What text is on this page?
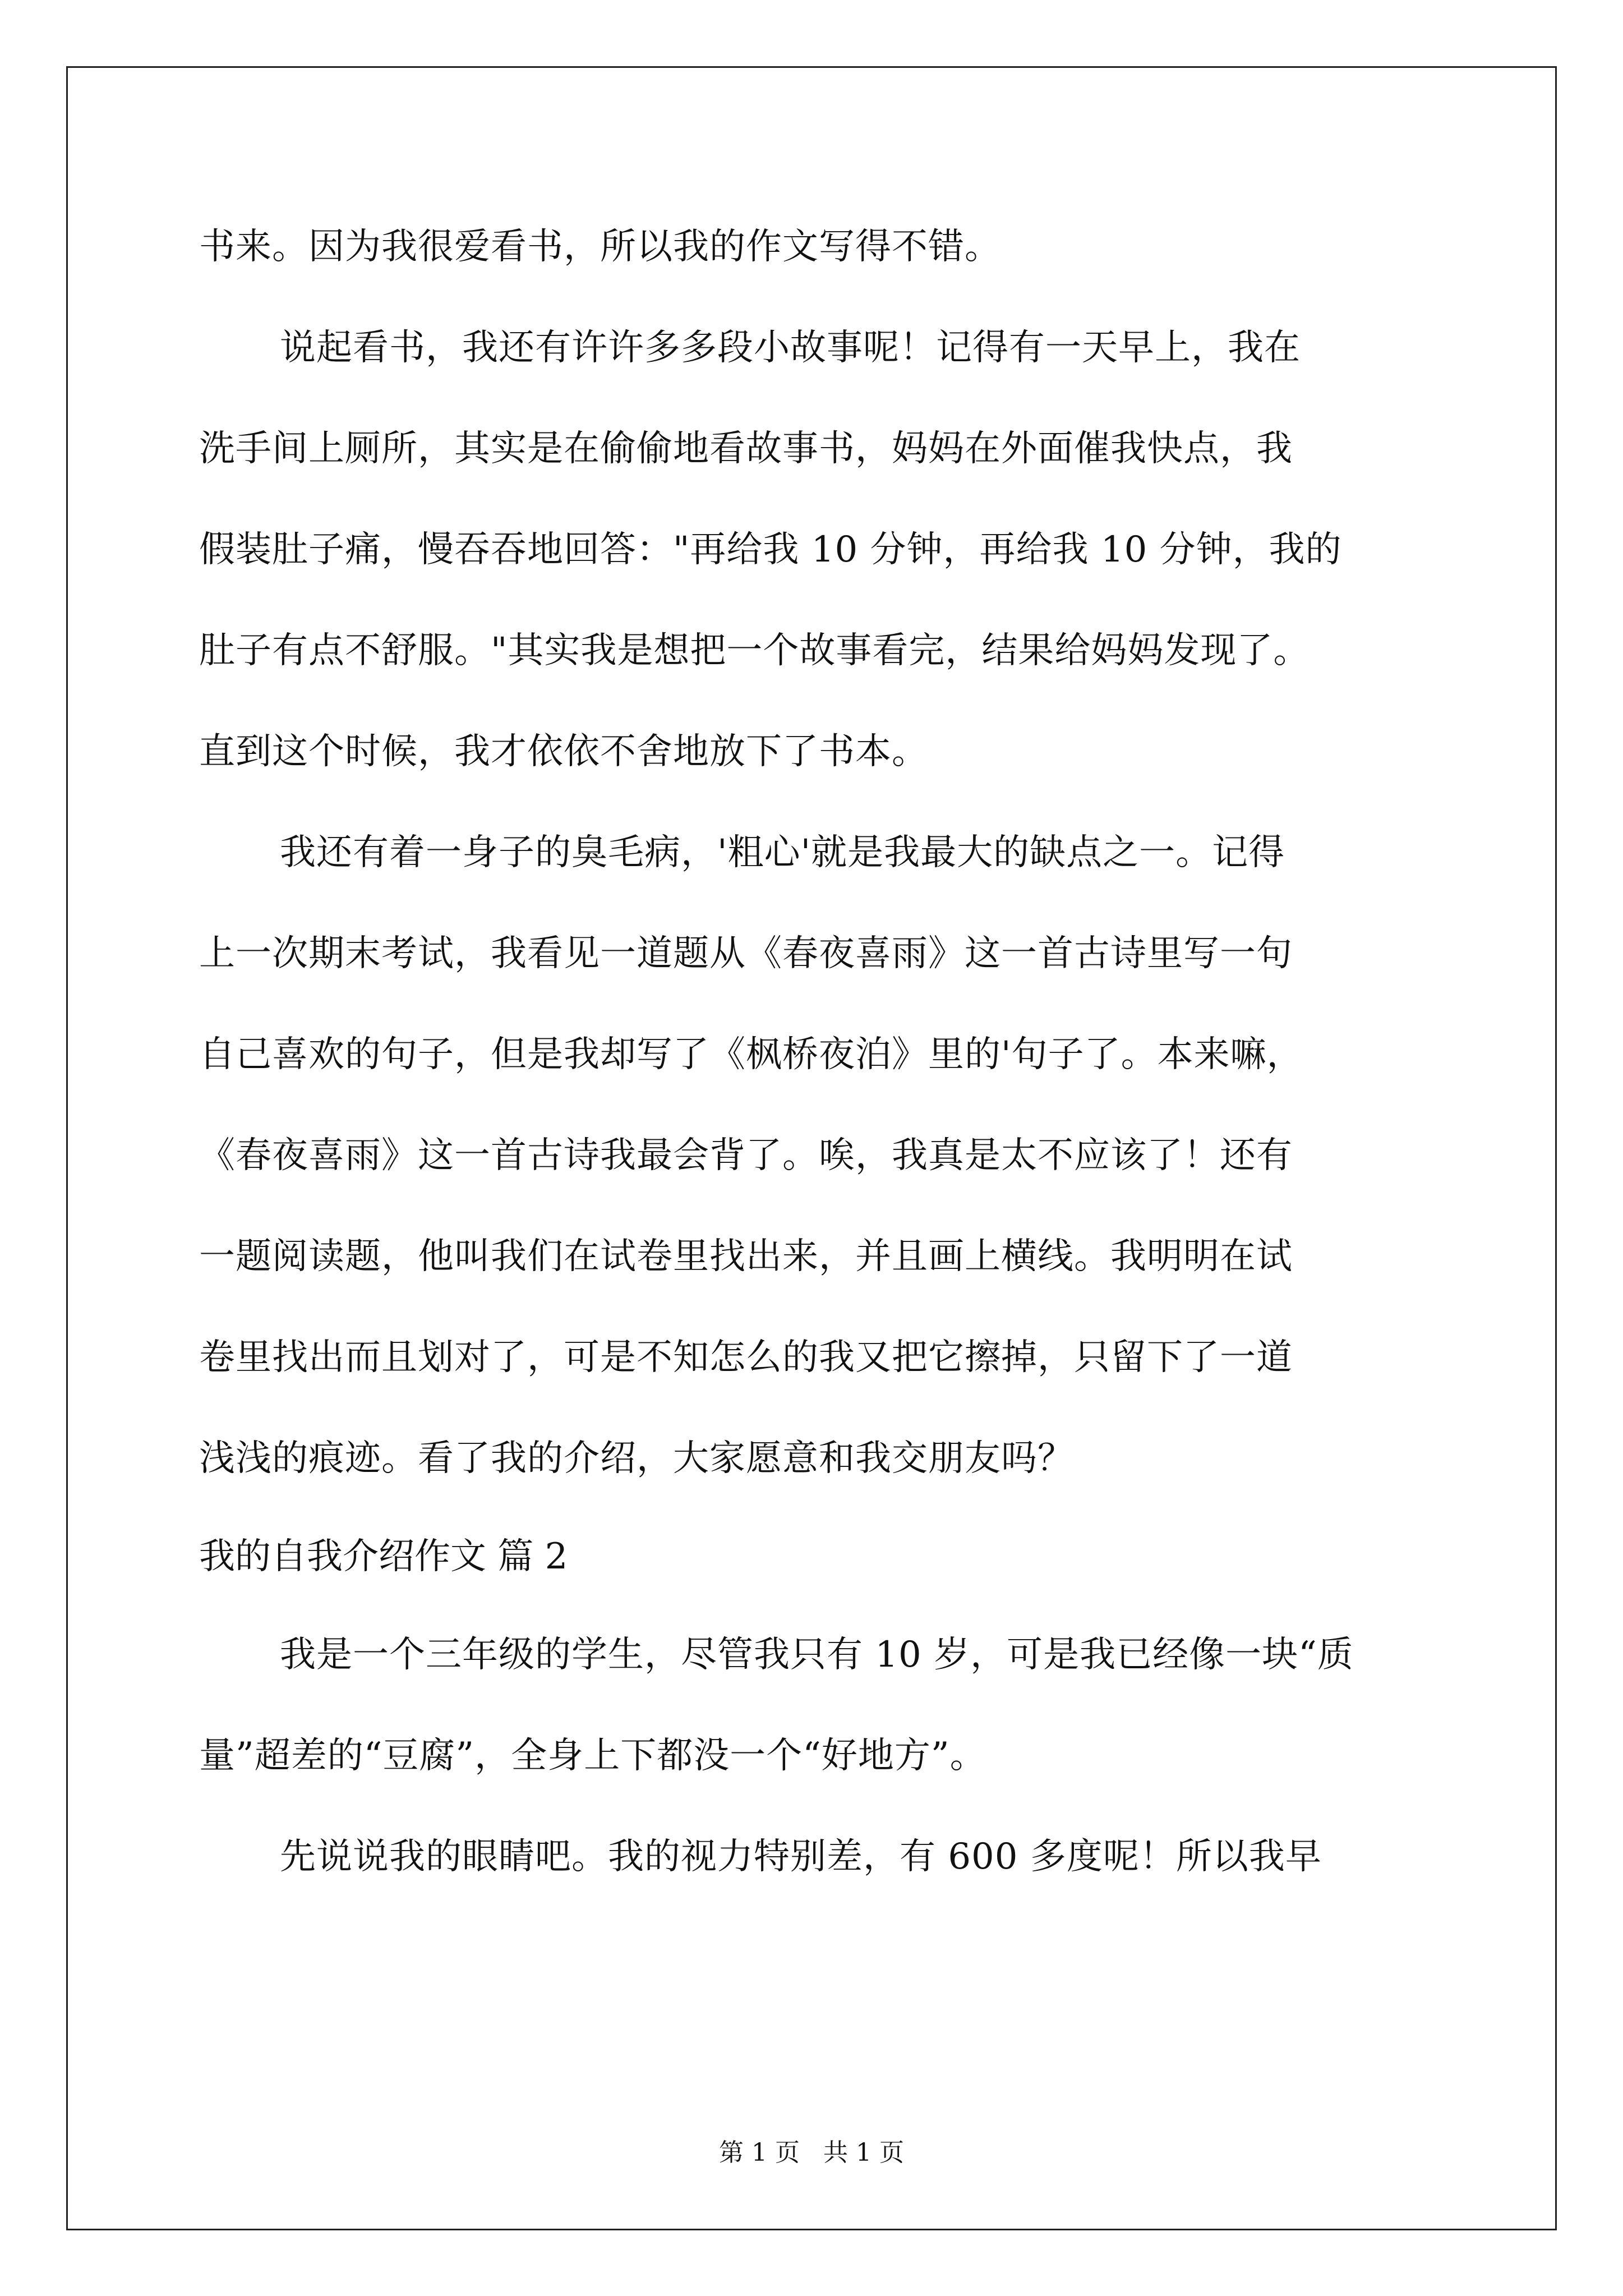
书来。因为我很爱看书，所以我的作文写得不错。
说起看书，我还有许许多多段小故事呢！记得有一天早上，我在
洗手间上厕所，其实是在偷偷地看故事书，妈妈在外面催我快点，我
假装肚子痛，慢吞吞地回答："再给我 10 分钟，再给我 10 分钟，我的
肚子有点不舒服。"其实我是想把一个故事看完，结果给妈妈发现了。
直到这个时候，我才依依不舍地放下了书本。
我还有着一身子的臭毛病，'粗心'就是我最大的缺点之一。记得
上一次期末考试，我看见一道题从《春夜喜雨》这一首古诗里写一句
自己喜欢的句子，但是我却写了《枫桥夜泊》里的'句子了。本来嘛，
《春夜喜雨》这一首古诗我最会背了。唉，我真是太不应该了！还有
一题阅读题，他叫我们在试卷里找出来，并且画上横线。我明明在试
卷里找出而且划对了，可是不知怎么的我又把它擦掉，只留下了一道
浅浅的痕迹。看了我的介绍，大家愿意和我交朋友吗？
我的自我介绍作文 篇 2
我是一个三年级的学生，尽管我只有 10 岁，可是我已经像一块“质
量”超差的“豆腐”，全身上下都没一个“好地方”。
先说说我的眼睛吧。我的视力特别差，有 600 多度呢！所以我早
第 1 页   共 1 页
